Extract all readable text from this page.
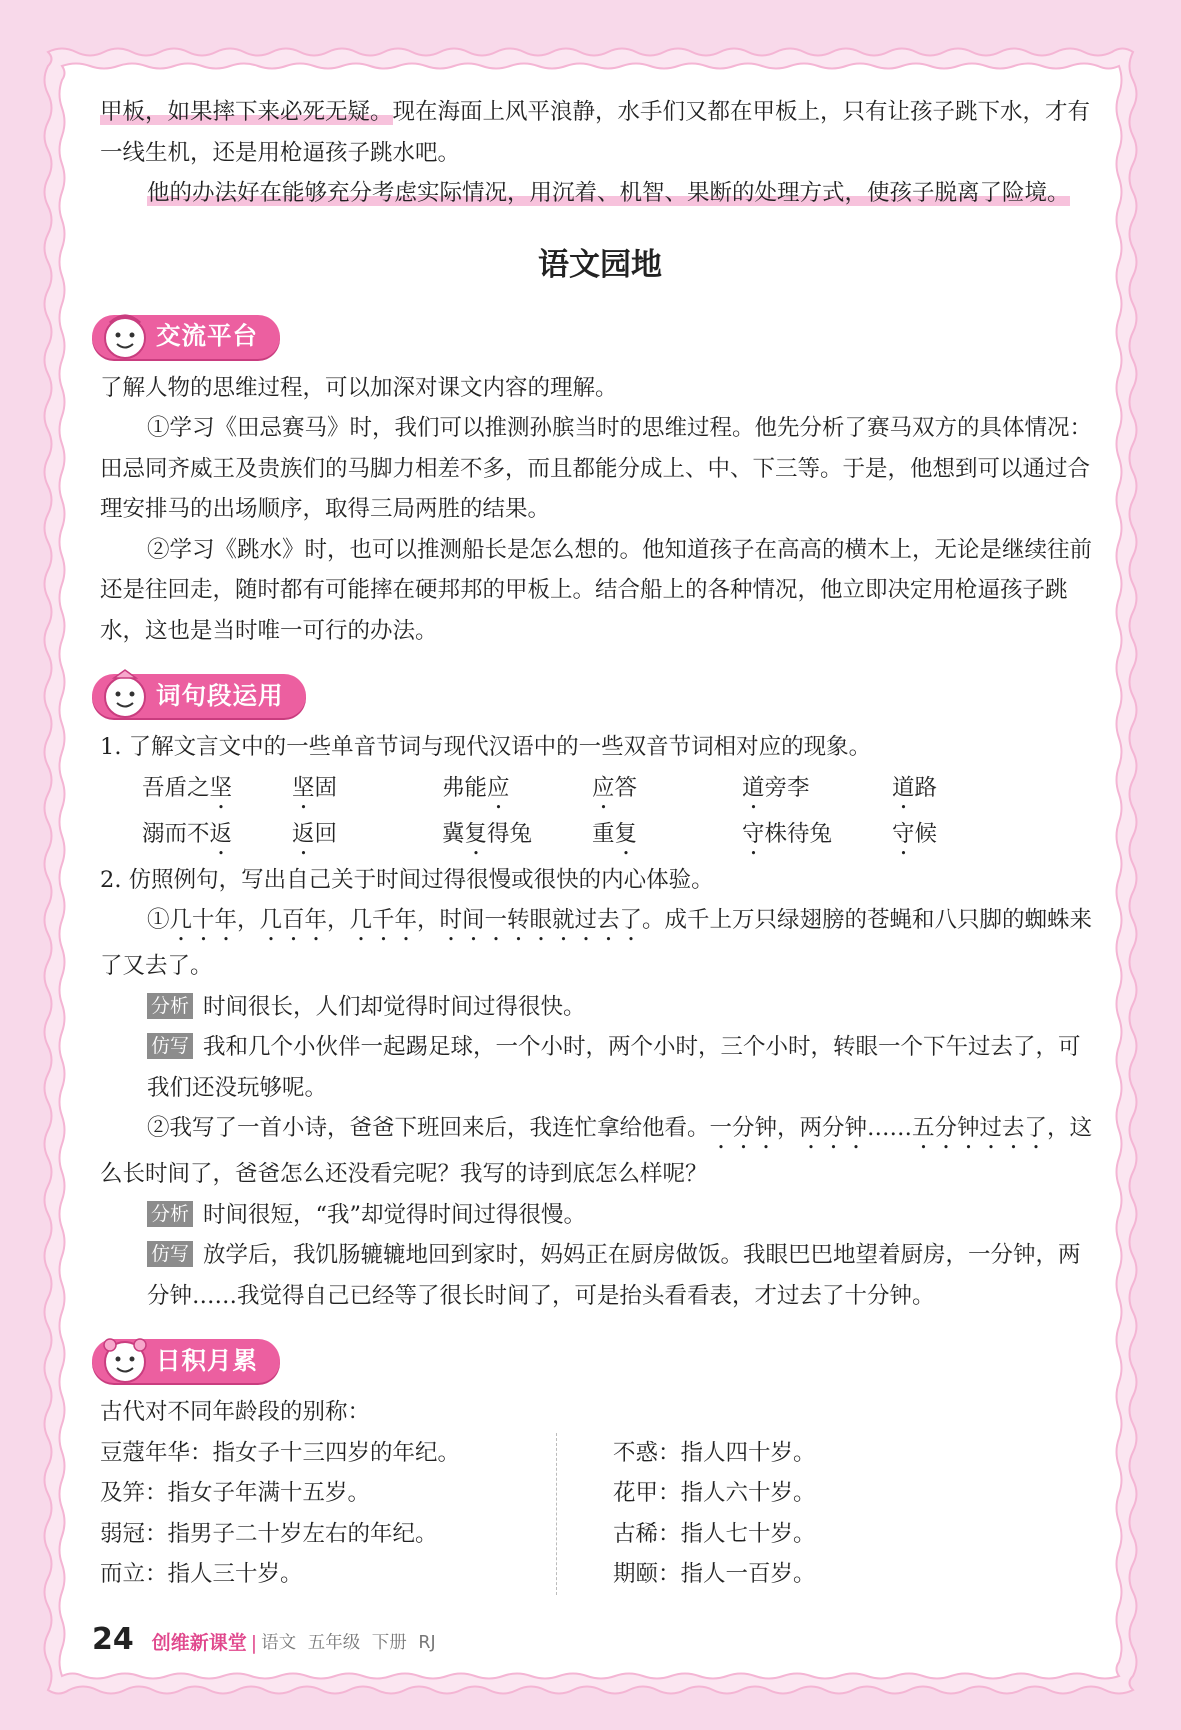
甲板，如果摔下来必死无疑。现在海面上风平浪静，水手们又都在甲板上，只有让孩子跳下水，才有一线生机，还是用枪逼孩子跳水吧。

他的办法好在能够充分考虑实际情况，用沉着、机智、果断的处理方式，使孩子脱离了险境。

语文园地
交流平台

了解人物的思维过程，可以加深对课文内容的理解。

①学习《田忌赛马》时，我们可以推测孙膑当时的思维过程。他先分析了赛马双方的具体情况：田忌同齐威王及贵族们的马脚力相差不多，而且都能分成上、中、下三等。于是，他想到可以通过合理安排马的出场顺序，取得三局两胜的结果。

②学习《跳水》时，也可以推测船长是怎么想的。他知道孩子在高高的横木上，无论是继续往前还是往回走，随时都有可能摔在硬邦邦的甲板上。结合船上的各种情况，他立即决定用枪逼孩子跳水，这也是当时唯一可行的办法。

词句段运用

1. 了解文言文中的一些单音节词与现代汉语中的一些双音节词相对应的现象。

吾盾之坚	坚固	弗能应	应答	道旁李	道路
溺而不返	返回	冀复得兔	重复	守株待兔	守候

2. 仿照例句，写出自己关于时间过得很慢或很快的内心体验。

①几十年，几百年，几千年，时间一转眼就过去了。成千上万只绿翅膀的苍蝇和八只脚的蜘蛛来了又去了。

分析 时间很长，人们却觉得时间过得很快。

仿写 我和几个小伙伴一起踢足球，一个小时，两个小时，三个小时，转眼一个下午过去了，可我们还没玩够呢。

②我写了一首小诗，爸爸下班回来后，我连忙拿给他看。一分钟，两分钟……五分钟过去了，这么长时间了，爸爸怎么还没看完呢？我写的诗到底怎么样呢？

分析 时间很短，“我”却觉得时间过得很慢。

仿写 放学后，我饥肠辘辘地回到家时，妈妈正在厨房做饭。我眼巴巴地望着厨房，一分钟，两分钟……我觉得自己已经等了很长时间了，可是抬头看看表，才过去了十分钟。

日积月累

古代对不同年龄段的别称：

豆蔻年华：指女子十三四岁的年纪。

及笄：指女子年满十五岁。

弱冠：指男子二十岁左右的年纪。

而立：指人三十岁。

不惑：指人四十岁。

花甲：指人六十岁。

古稀：指人七十岁。

期颐：指人一百岁。

24 创维新课堂 | 语文 五年级 下册 RJ
